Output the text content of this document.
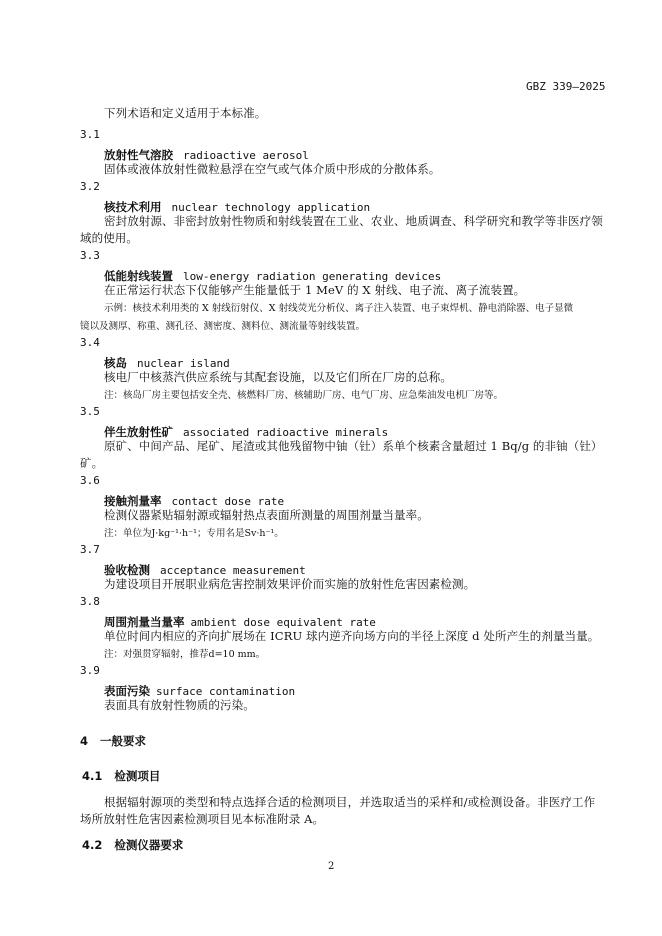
GBZ 339—2025
下列术语和定义适用于本标准。
3.1
放射性气溶胶 radioactive aerosol
固体或液体放射性微粒悬浮在空气或气体介质中形成的分散体系。
3.2
核技术利用 nuclear technology application
密封放射源、非密封放射性物质和射线装置在工业、农业、地质调查、科学研究和教学等非医疗领
域的使用。
3.3
低能射线装置 low-energy radiation generating devices
在正常运行状态下仅能够产生能量低于 1 MeV 的 X 射线、电子流、离子流装置。
示例：核技术利用类的 X 射线衍射仪、X 射线荧光分析仪、离子注入装置、电子束焊机、静电消除器、电子显微
镜以及测厚、称重、测孔径、测密度、测料位、测流量等射线装置。
3.4
核岛 nuclear island
核电厂中核蒸汽供应系统与其配套设施，以及它们所在厂房的总称。
注：核岛厂房主要包括安全壳、核燃料厂房、核辅助厂房、电气厂房、应急柴油发电机厂房等。
3.5
伴生放射性矿 associated radioactive minerals
原矿、中间产品、尾矿、尾渣或其他残留物中铀（钍）系单个核素含量超过 1 Bq/g 的非铀（钍）
矿。
3.6
接触剂量率 contact dose rate
检测仪器紧贴辐射源或辐射热点表面所测量的周围剂量当量率。
注：单位为J·kg⁻¹·h⁻¹；专用名是Sv·h⁻¹。
3.7
验收检测 acceptance measurement
为建设项目开展职业病危害控制效果评价而实施的放射性危害因素检测。
3.8
周围剂量当量率 ambient dose equivalent rate
单位时间内相应的齐向扩展场在 ICRU 球内逆齐向场方向的半径上深度 d 处所产生的剂量当量。
注：对强贯穿辐射，推荐d=10 mm。
3.9
表面污染 surface contamination
表面具有放射性物质的污染。
4 一般要求
4.1 检测项目
根据辐射源项的类型和特点选择合适的检测项目，并选取适当的采样和/或检测设备。非医疗工作
场所放射性危害因素检测项目见本标准附录 A。
4.2 检测仪器要求
2
